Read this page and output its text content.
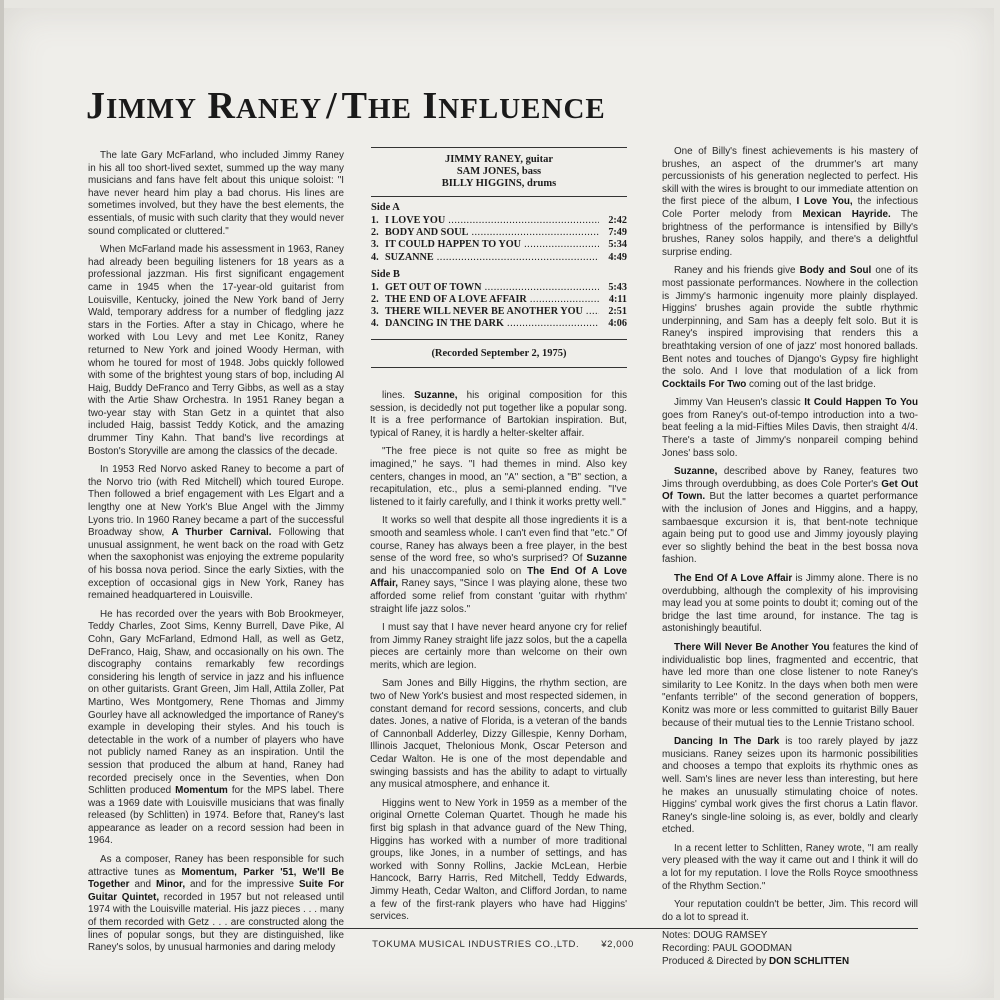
JIMMY RANEY / THE INFLUENCE

The late Gary McFarland, who included Jimmy Raney in his all too short-lived sextet, summed up the way many musicians and fans have felt about this unique soloist: "I have never heard him play a bad chorus. His lines are sometimes involved, but they have the best elements, the essentials, of music with such clarity that they would never sound complicated or cluttered."

When McFarland made his assessment in 1963, Raney had already been beguiling listeners for 18 years as a professional jazzman. His first significant engagement came in 1945 when the 17-year-old guitarist from Louisville, Kentucky, joined the New York band of Jerry Wald, temporary address for a number of fledgling jazz stars in the Forties. After a stay in Chicago, where he worked with Lou Levy and met Lee Konitz, Raney returned to New York and joined Woody Herman, with whom he toured for most of 1948. Jobs quickly followed with some of the brightest young stars of bop, including Al Haig, Buddy DeFranco and Terry Gibbs, as well as a stay with the Artie Shaw Orchestra. In 1951 Raney began a two-year stay with Stan Getz in a quintet that also included Haig, bassist Teddy Kotick, and the amazing drummer Tiny Kahn. That band's live recordings at Boston's Storyville are among the classics of the decade.

In 1953 Red Norvo asked Raney to become a part of the Norvo trio (with Red Mitchell) which toured Europe. Then followed a brief engagement with Les Elgart and a lengthy one at New York's Blue Angel with the Jimmy Lyons trio. In 1960 Raney became a part of the successful Broadway show, A Thurber Carnival. Following that unusual assignment, he went back on the road with Getz when the saxophonist was enjoying the extreme popularity of his bossa nova period. Since the early Sixties, with the exception of occasional gigs in New York, Raney has remained headquartered in Louisville.

He has recorded over the years with Bob Brookmeyer, Teddy Charles, Zoot Sims, Kenny Burrell, Dave Pike, Al Cohn, Gary McFarland, Edmond Hall, as well as Getz, DeFranco, Haig, Shaw, and occasionally on his own. The discography contains remarkably few recordings considering his length of service in jazz and his influence on other guitarists. Grant Green, Jim Hall, Attila Zoller, Pat Martino, Wes Montgomery, Rene Thomas and Jimmy Gourley have all acknowledged the importance of Raney's example in developing their styles. And his touch is detectable in the work of a number of players who have not publicly named Raney as an inspiration. Until the session that produced the album at hand, Raney had recorded precisely once in the Seventies, when Don Schlitten produced Momentum for the MPS label. There was a 1969 date with Louisville musicians that was finally released (by Schlitten) in 1974. Before that, Raney's last appearance as leader on a record session had been in 1964.

As a composer, Raney has been responsible for such attractive tunes as Momentum, Parker '51, We'll Be Together and Minor, and for the impressive Suite For Guitar Quintet, recorded in 1957 but not released until 1974 with the Louisville material. His jazz pieces . . . many of them recorded with Getz . . . are constructed along the lines of popular songs, but they are distinguished, like Raney's solos, by unusual harmonies and daring melody

JIMMY RANEY, guitar
SAM JONES, bass
BILLY HIGGINS, drums
Side A
1. I LOVE YOU .....	2:42
2. BODY AND SOUL .....	7:49
3. IT COULD HAPPEN TO YOU .....	5:34
4. SUZANNE .....	4:49
Side B
1. GET OUT OF TOWN .....	5:43
2. THE END OF A LOVE AFFAIR .....	4:11
3. THERE WILL NEVER BE ANOTHER YOU .....	2:51
4. DANCING IN THE DARK .....	4:06
(Recorded September 2, 1975)

lines. Suzanne, his original composition for this session, is decidedly not put together like a popular song. It is a free performance of Bartokian inspiration. But, typical of Raney, it is hardly a helter-skelter affair.

"The free piece is not quite so free as might be imagined," he says. "I had themes in mind. Also key centers, changes in mood, an "A" section, a "B" section, a recapitulation, etc., plus a semi-planned ending. "I've listened to it fairly carefully, and I think it works pretty well."

It works so well that despite all those ingredients it is a smooth and seamless whole. I can't even find that "etc." Of course, Raney has always been a free player, in the best sense of the word free, so who's surprised? Of Suzanne and his unaccompanied solo on The End Of A Love Affair, Raney says, "Since I was playing alone, these two afforded some relief from constant 'guitar with rhythm' straight life jazz solos."

I must say that I have never heard anyone cry for relief from Jimmy Raney straight life jazz solos, but the a capella pieces are certainly more than welcome on their own merits, which are legion.

Sam Jones and Billy Higgins, the rhythm section, are two of New York's busiest and most respected sidemen, in constant demand for record sessions, concerts, and club dates. Jones, a native of Florida, is a veteran of the bands of Cannonball Adderley, Dizzy Gillespie, Kenny Dorham, Illinois Jacquet, Thelonious Monk, Oscar Peterson and Cedar Walton. He is one of the most dependable and swinging bassists and has the ability to adapt to virtually any musical atmosphere, and enhance it.

Higgins went to New York in 1959 as a member of the original Ornette Coleman Quartet. Though he made his first big splash in that advance guard of the New Thing, Higgins has worked with a number of more traditional groups, like Jones, in a number of settings, and has worked with Sonny Rollins, Jackie McLean, Herbie Hancock, Barry Harris, Red Mitchell, Teddy Edwards, Jimmy Heath, Cedar Walton, and Clifford Jordan, to name a few of the first-rank players who have had Higgins' services.

One of Billy's finest achievements is his mastery of brushes, an aspect of the drummer's art many percussionists of his generation neglected to perfect. His skill with the wires is brought to our immediate attention on the first piece of the album, I Love You, the infectious Cole Porter melody from Mexican Hayride. The brightness of the performance is intensified by Billy's brushes, Raney solos happily, and there's a delightful surprise ending.

Raney and his friends give Body and Soul one of its most passionate performances. Nowhere in the collection is Jimmy's harmonic ingenuity more plainly displayed. Higgins' brushes again provide the subtle rhythmic underpinning, and Sam has a deeply felt solo. But it is Raney's inspired improvising that renders this a breathtaking version of one of jazz' most honored ballads. Bent notes and touches of Django's Gypsy fire highlight the solo. And I love that modulation of a lick from Cocktails For Two coming out of the last bridge.

Jimmy Van Heusen's classic It Could Happen To You goes from Raney's out-of-tempo introduction into a two-beat feeling a la mid-Fifties Miles Davis, then straight 4/4. There's a taste of Jimmy's nonpareil comping behind Jones' bass solo.

Suzanne, described above by Raney, features two Jims through overdubbing, as does Cole Porter's Get Out Of Town. But the latter becomes a quartet performance with the inclusion of Jones and Higgins, and a happy, sambaesque excursion it is, that bent-note technique again being put to good use and Jimmy joyously playing ever so slightly behind the beat in the best bossa nova fashion.

The End Of A Love Affair is Jimmy alone. There is no overdubbing, although the complexity of his improvising may lead you at some points to doubt it; coming out of the bridge the last time around, for instance. The tag is astonishingly beautiful.

There Will Never Be Another You features the kind of individualistic bop lines, fragmented and eccentric, that have led more than one close listener to note Raney's similarity to Lee Konitz. In the days when both men were "enfants terrible" of the second generation of boppers, Konitz was more or less committed to guitarist Billy Bauer because of their mutual ties to the Lennie Tristano school.

Dancing In The Dark is too rarely played by jazz musicians. Raney seizes upon its harmonic possibilities and chooses a tempo that exploits its rhythmic ones as well. Sam's lines are never less than interesting, but here he makes an unusually stimulating choice of notes. Higgins' cymbal work gives the first chorus a Latin flavor. Raney's single-line soloing is, as ever, boldly and clearly etched.

In a recent letter to Schlitten, Raney wrote, "I am really very pleased with the way it came out and I think it will do a lot for my reputation. I love the Rolls Royce smoothness of the Rhythm Section."

Your reputation couldn't be better, Jim. This record will do a lot to spread it.

Notes: DOUG RAMSEY
Recording: PAUL GOODMAN
Produced & Directed by DON SCHLITTEN
TOKUMA MUSICAL INDUSTRIES CO.,LTD. ¥2,000
